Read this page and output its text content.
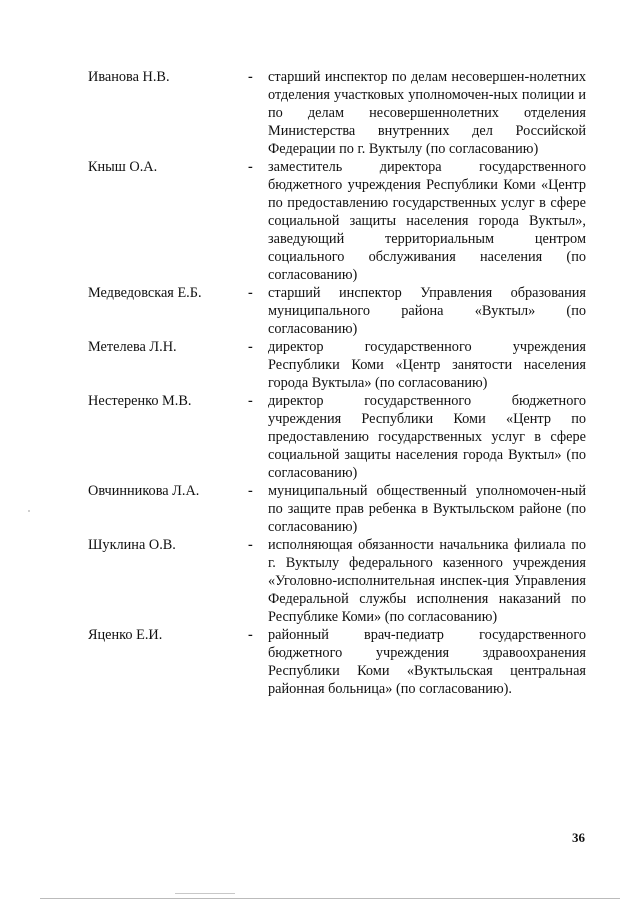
Иванова Н.В.	-	старший инспектор по делам несовершен-нолетних отделения участковых уполномочен-ных полиции и по делам несовершеннолетних отделения Министерства внутренних дел Российской Федерации по г. Вуктылу (по согласованию)
Кныш О.А.	-	заместитель директора государственного бюджетного учреждения Республики Коми «Центр по предоставлению государственных услуг в сфере социальной защиты населения города Вуктыл», заведующий территориальным центром социального обслуживания населения (по согласованию)
Медведовская Е.Б.	-	старший инспектор Управления образования муниципального района «Вуктыл» (по согласованию)
Метелева Л.Н.	-	директор государственного учреждения Республики Коми «Центр занятости населения города Вуктыла» (по согласованию)
Нестеренко М.В.	-	директор государственного бюджетного учреждения Республики Коми «Центр по предоставлению государственных услуг в сфере социальной защиты населения города Вуктыл» (по согласованию)
Овчинникова Л.А.	-	муниципальный общественный уполномочен-ный по защите прав ребенка в Вуктыльском районе (по согласованию)
Шуклина О.В.	-	исполняющая обязанности начальника филиала по г. Вуктылу федерального казенного учреждения «Уголовно-исполнительная инспек-ция Управления Федеральной службы исполнения наказаний по Республике Коми» (по согласованию)
Яценко Е.И.	-	районный врач-педиатр государственного бюджетного учреждения здравоохранения Республики Коми «Вуктыльская центральная районная больница» (по согласованию).
36
